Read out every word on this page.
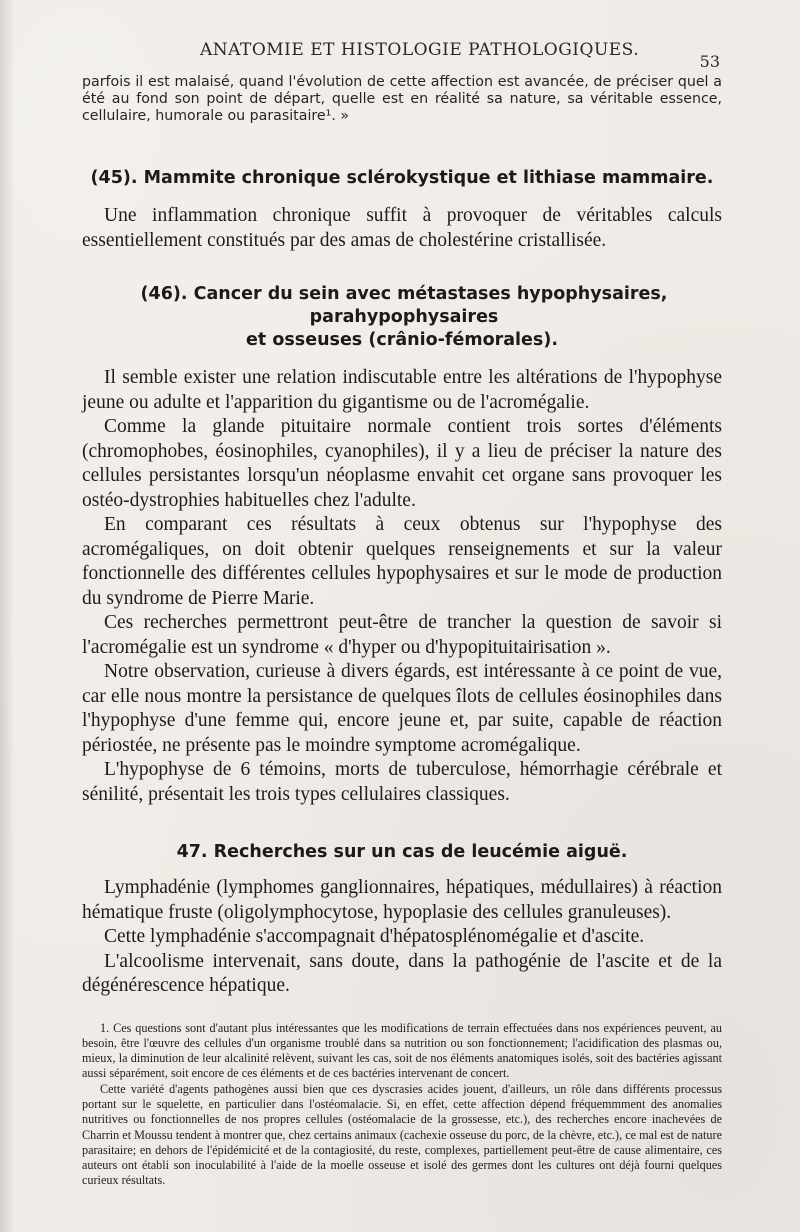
ANATOMIE ET HISTOLOGIE PATHOLOGIQUES.
53

parfois il est malaisé, quand l'évolution de cette affection est avancée, de préciser quel a été au fond son point de départ, quelle est en réalité sa nature, sa véritable essence, cellulaire, humorale ou parasitaire¹. »

(45). Mammite chronique sclérokystique et lithiase mammaire.

Une inflammation chronique suffit à provoquer de véritables calculs essentiellement constitués par des amas de cholestérine cristallisée.

(46). Cancer du sein avec métastases hypophysaires, parahypophysaires
et osseuses (crânio-fémorales).

Il semble exister une relation indiscutable entre les altérations de l'hypophyse jeune ou adulte et l'apparition du gigantisme ou de l'acromégalie.

Comme la glande pituitaire normale contient trois sortes d'éléments (chromophobes, éosinophiles, cyanophiles), il y a lieu de préciser la nature des cellules persistantes lorsqu'un néoplasme envahit cet organe sans provoquer les ostéo-dystrophies habituelles chez l'adulte.

En comparant ces résultats à ceux obtenus sur l'hypophyse des acromégaliques, on doit obtenir quelques renseignements et sur la valeur fonctionnelle des différentes cellules hypophysaires et sur le mode de production du syndrome de Pierre Marie.

Ces recherches permettront peut-être de trancher la question de savoir si l'acromégalie est un syndrome « d'hyper ou d'hypopituitairisation ».

Notre observation, curieuse à divers égards, est intéressante à ce point de vue, car elle nous montre la persistance de quelques îlots de cellules éosinophiles dans l'hypophyse d'une femme qui, encore jeune et, par suite, capable de réaction périostée, ne présente pas le moindre symptome acromégalique.

L'hypophyse de 6 témoins, morts de tuberculose, hémorrhagie cérébrale et sénilité, présentait les trois types cellulaires classiques.

47. Recherches sur un cas de leucémie aiguë.

Lymphadénie (lymphomes ganglionnaires, hépatiques, médullaires) à réaction hématique fruste (oligolymphocytose, hypoplasie des cellules granuleuses).

Cette lymphadénie s'accompagnait d'hépatosplénomégalie et d'ascite.

L'alcoolisme intervenait, sans doute, dans la pathogénie de l'ascite et de la dégénérescence hépatique.

1. Ces questions sont d'autant plus intéressantes que les modifications de terrain effectuées dans nos expériences peuvent, au besoin, être l'œuvre des cellules d'un organisme troublé dans sa nutrition ou son fonctionnement; l'acidification des plasmas ou, mieux, la diminution de leur alcalinité relèvent, suivant les cas, soit de nos éléments anatomiques isolés, soit des bactéries agissant aussi séparément, soit encore de ces éléments et de ces bactéries intervenant de concert.

Cette variété d'agents pathogènes aussi bien que ces dyscrasies acides jouent, d'ailleurs, un rôle dans différents processus portant sur le squelette, en particulier dans l'ostéomalacie. Si, en effet, cette affection dépend fréquemmment des anomalies nutritives ou fonctionnelles de nos propres cellules (ostéomalacie de la grossesse, etc.), des recherches encore inachevées de Charrin et Moussu tendent à montrer que, chez certains animaux (cachexie osseuse du porc, de la chèvre, etc.), ce mal est de nature parasitaire; en dehors de l'épidémicité et de la contagiosité, du reste, complexes, partiellement peut-être de cause alimentaire, ces auteurs ont établi son inoculabilité à l'aide de la moelle osseuse et isolé des germes dont les cultures ont déjà fourni quelques curieux résultats.
